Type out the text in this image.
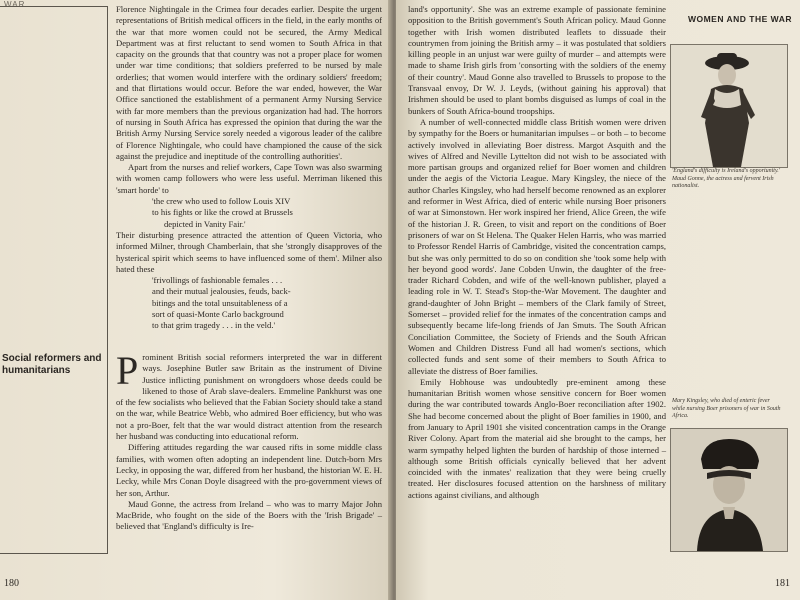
WAR
Social reformers and humanitarians

Florence Nightingale in the Crimea four decades earlier. Despite the urgent representations of British medical officers in the field, in the early months of the war that more women could not be secured, the Army Medical Department was at first reluctant to send women to South Africa in that capacity on the grounds that that country was not a proper place for women under war time conditions; that soldiers preferred to be nursed by male orderlies; that women would interfere with the ordinary soldiers' freedom; and that flirtations would occur. Before the war ended, however, the War Office sanctioned the establishment of a permanent Army Nursing Service with far more members than the previous organization had had. The horrors of nursing in South Africa has expressed the opinion that during the war the British Army Nursing Service sorely needed a vigorous leader of the calibre of Florence Nightingale, who could have championed the cause of the sick against the prejudice and ineptitude of the controlling authorities'.

Apart from the nurses and relief workers, Cape Town was also swarming with women camp followers who were less useful. Merriman likened this 'smart horde' to

'the crew who used to follow Louis XIV
to his fights or like the crowd at Brussels
depicted in Vanity Fair.'

Their disturbing presence attracted the attention of Queen Victoria, who informed Milner, through Chamberlain, that she 'strongly disapproves of the hysterical spirit which seems to have influenced some of them'. Milner also hated these

'frivollings of fashionable females . . .
and their mutual jealousies, feuds, back-
bitings and the total unsuitableness of a
sort of quasi-Monte Carlo background
to that grim tragedy . . . in the veld.'

Prominent British social reformers interpreted the war in different ways. Josephine Butler saw Britain as the instrument of Divine Justice inflicting punishment on wrongdoers whose deeds could be likened to those of Arab slave-dealers. Emmeline Pankhurst was one of the few socialists who believed that the Fabian Society should take a stand on the war, while Beatrice Webb, who admired Boer efficiency, but who was not a pro-Boer, felt that the war would distract attention from the research her husband was conducting into educational reform.

Differing attitudes regarding the war caused rifts in some middle class families, with women often adopting an independent line. Dutch-born Mrs Lecky, in opposing the war, differed from her husband, the historian W. E. H. Lecky, while Mrs Conan Doyle disagreed with the pro-government views of her son, Arthur.

Maud Gonne, the actress from Ireland – who was to marry Major John MacBride, who fought on the side of the Boers with the 'Irish Brigade' – believed that 'England's difficulty is Ire-

180
WOMEN AND THE WAR

land's opportunity'. She was an extreme example of passionate feminine opposition to the British government's South African policy. Maud Gonne together with Irish women distributed leaflets to dissuade their countrymen from joining the British army – it was postulated that soldiers killing people in an unjust war were guilty of murder – and attempts were made to shame Irish girls from 'consorting with the soldiers of the enemy of their country'. Maud Gonne also travelled to Brussels to propose to the Transvaal envoy, Dr W. J. Leyds, (without gaining his approval) that Irishmen should be used to plant bombs disguised as lumps of coal in the bunkers of South Africa-bound troopships.

A number of well-connected middle class British women were driven by sympathy for the Boers or humanitarian impulses – or both – to become actively involved in alleviating Boer distress. Margot Asquith and the wives of Alfred and Neville Lyttelton did not wish to be associated with more partisan groups and organized relief for Boer women and children under the aegis of the Victoria League. Mary Kingsley, the niece of the author Charles Kingsley, who had herself become renowned as an explorer and reformer in West Africa, died of enteric while nursing Boer prisoners of war at Simonstown. Her work inspired her friend, Alice Green, the wife of the historian J. R. Green, to visit and report on the conditions of Boer prisoners of war on St Helena. The Quaker Helen Harris, who was married to Professor Rendel Harris of Cambridge, visited the concentration camps, but she was only permitted to do so on condition she 'took some help with her beyond good words'. Jane Cobden Unwin, the daughter of the free-trader Richard Cobden, and wife of the well-known publisher, played a leading role in W. T. Stead's Stop-the-War Movement. The daughter and grand-daughter of John Bright – members of the Clark family of Street, Somerset – provided relief for the inmates of the concentration camps and subsequently became life-long friends of Jan Smuts. The South African Conciliation Committee, the Society of Friends and the South African Women and Children Distress Fund all had women's sections, which collected funds and sent some of their members to South Africa to alleviate the distress of Boer families.

Emily Hobhouse was undoubtedly pre-eminent among these humanitarian British women whose sensitive concern for Boer women during the war contributed towards Anglo-Boer reconciliation after 1902. She had become concerned about the plight of Boer families in 1900, and from January to April 1901 she visited concentration camps in the Orange River Colony. Apart from the material aid she brought to the camps, her warm sympathy helped lighten the burden of hardship of those interned – although some British officials cynically believed that her advent coincided with the inmates' realization that they were being cruelly treated. Her disclosures focused attention on the harshness of military actions against civilians, and although

'England's difficulty is Ireland's opportunity.' Maud Gonne, the actress and fervent Irish nationalist.
Mary Kingsley, who died of enteric fever while nursing Boer prisoners of war in South Africa.
181
